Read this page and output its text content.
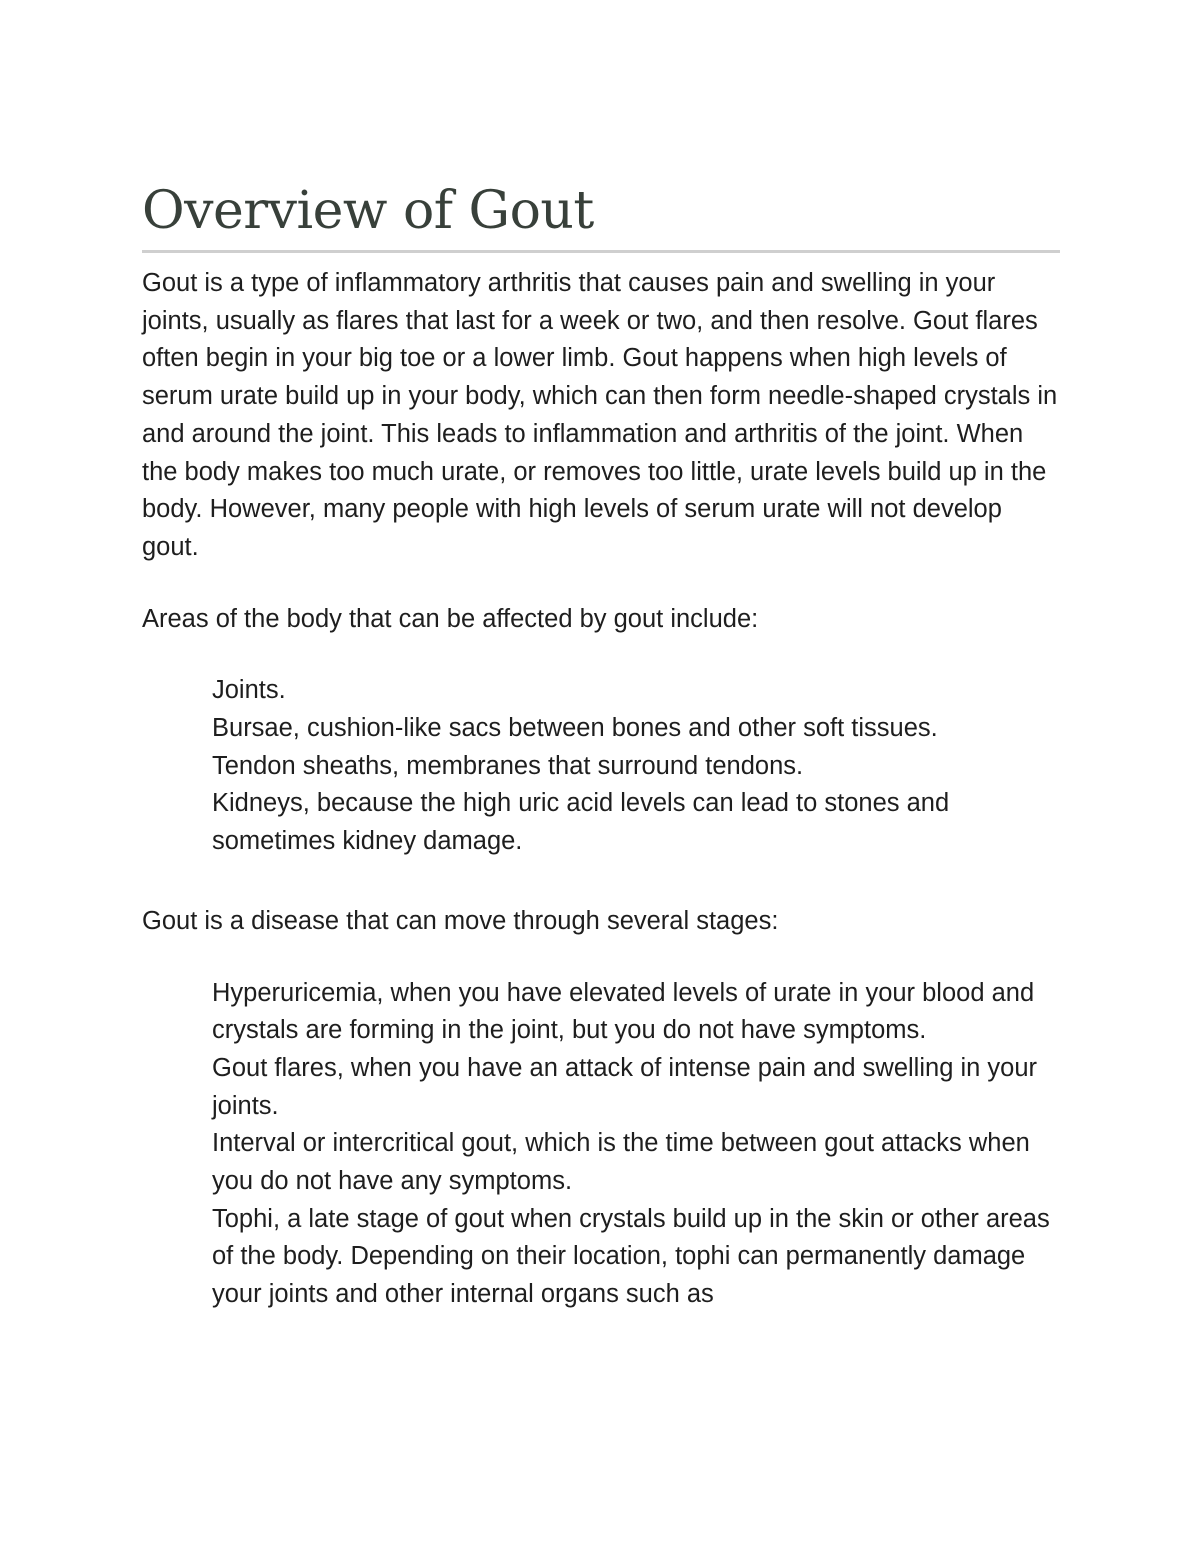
Overview of Gout

Gout is a type of inflammatory arthritis that causes pain and swelling in your joints, usually as flares that last for a week or two, and then resolve. Gout flares often begin in your big toe or a lower limb. Gout happens when high levels of serum urate build up in your body, which can then form needle-shaped crystals in and around the joint. This leads to inflammation and arthritis of the joint. When the body makes too much urate, or removes too little, urate levels build up in the body. However, many people with high levels of serum urate will not develop gout.

Areas of the body that can be affected by gout include:

Joints.
Bursae, cushion-like sacs between bones and other soft tissues.
Tendon sheaths, membranes that surround tendons.
Kidneys, because the high uric acid levels can lead to stones and sometimes kidney damage.

Gout is a disease that can move through several stages:

Hyperuricemia, when you have elevated levels of urate in your blood and crystals are forming in the joint, but you do not have symptoms.
Gout flares, when you have an attack of intense pain and swelling in your joints.
Interval or intercritical gout, which is the time between gout attacks when you do not have any symptoms.
Tophi, a late stage of gout when crystals build up in the skin or other areas of the body. Depending on their location, tophi can permanently damage your joints and other internal organs such as
